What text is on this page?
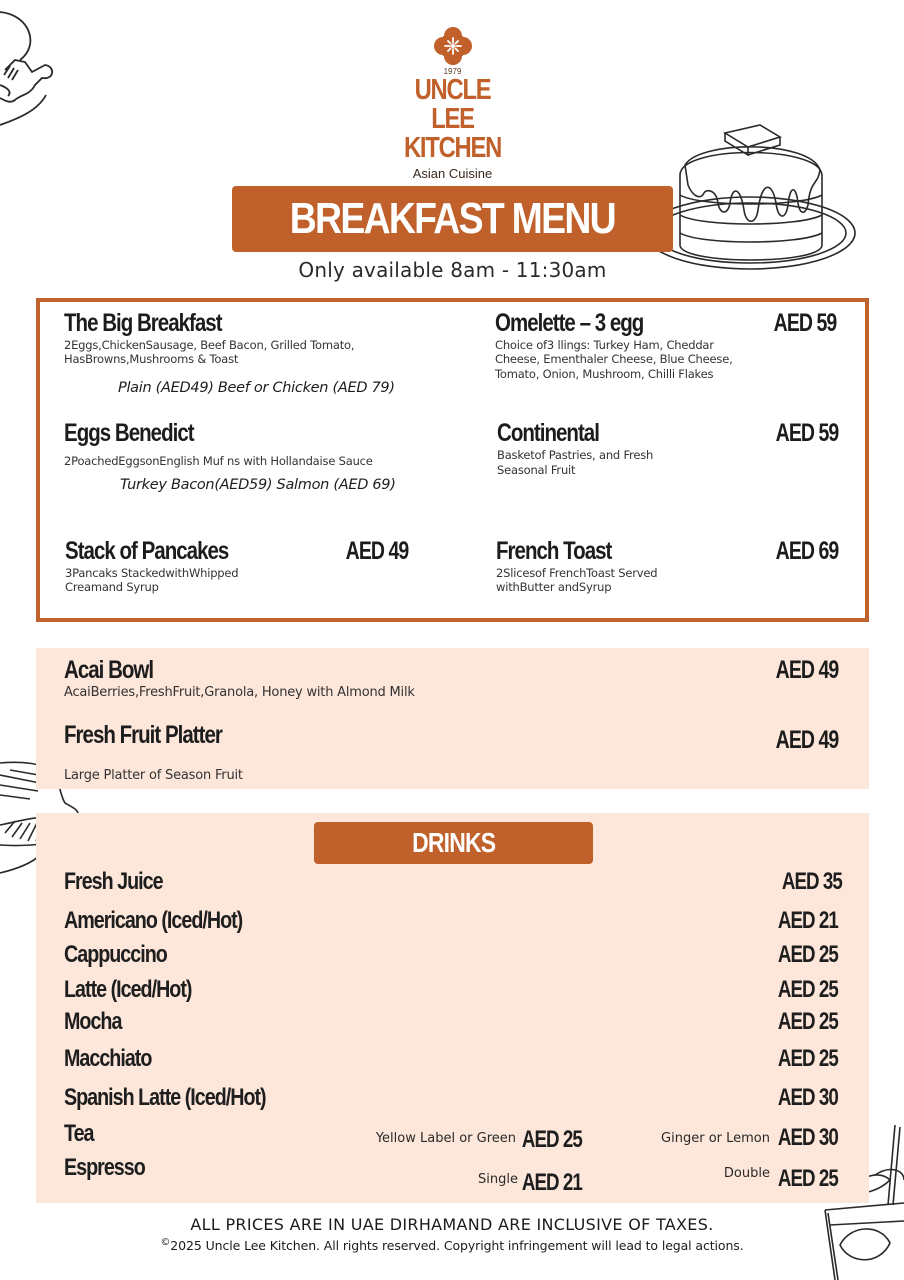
1979
UNCLE LEE
KITCHEN
Asian Cuisine
BREAKFAST MENU
Only available 8am - 11:30am
The Big Breakfast
2Eggs,ChickenSausage, Beef Bacon, Grilled Tomato,
HasBrowns,Mushrooms & Toast
Plain (AED49) Beef or Chicken (AED 79)
Omelette – 3 egg	AED 59
Choice of3 llings: Turkey Ham, Cheddar
Cheese, Ementhaler Cheese, Blue Cheese,
Tomato, Onion, Mushroom, Chilli Flakes
Eggs Benedict
2PoachedEggsonEnglish Muf ns with Hollandaise Sauce
Turkey Bacon(AED59) Salmon (AED 69)
Continental	AED 59
Basketof Pastries, and Fresh
Seasonal Fruit
Stack of Pancakes	AED 49
3Pancaks StackedwithWhipped
Creamand Syrup
French Toast	AED 69
2Slicesof FrenchToast Served
withButter andSyrup
Acai Bowl	AED 49
AcaiBerries,FreshFruit,Granola, Honey with Almond Milk
Fresh Fruit Platter	AED 49
Large Platter of Season Fruit
DRINKS
Fresh Juice	AED 35
Americano (Iced/Hot)	AED 21
Cappuccino	AED 25
Latte (Iced/Hot)	AED 25
Mocha	AED 25
Macchiato	AED 25
Spanish Latte (Iced/Hot)	AED 30
Tea	Yellow Label or Green AED 25	Ginger or Lemon AED 30
Espresso	Single AED 21	Double AED 25
ALL PRICES ARE IN UAE DIRHAMAND ARE INCLUSIVE OF TAXES.
©2025 Uncle Lee Kitchen. All rights reserved. Copyright infringement will lead to legal actions.
